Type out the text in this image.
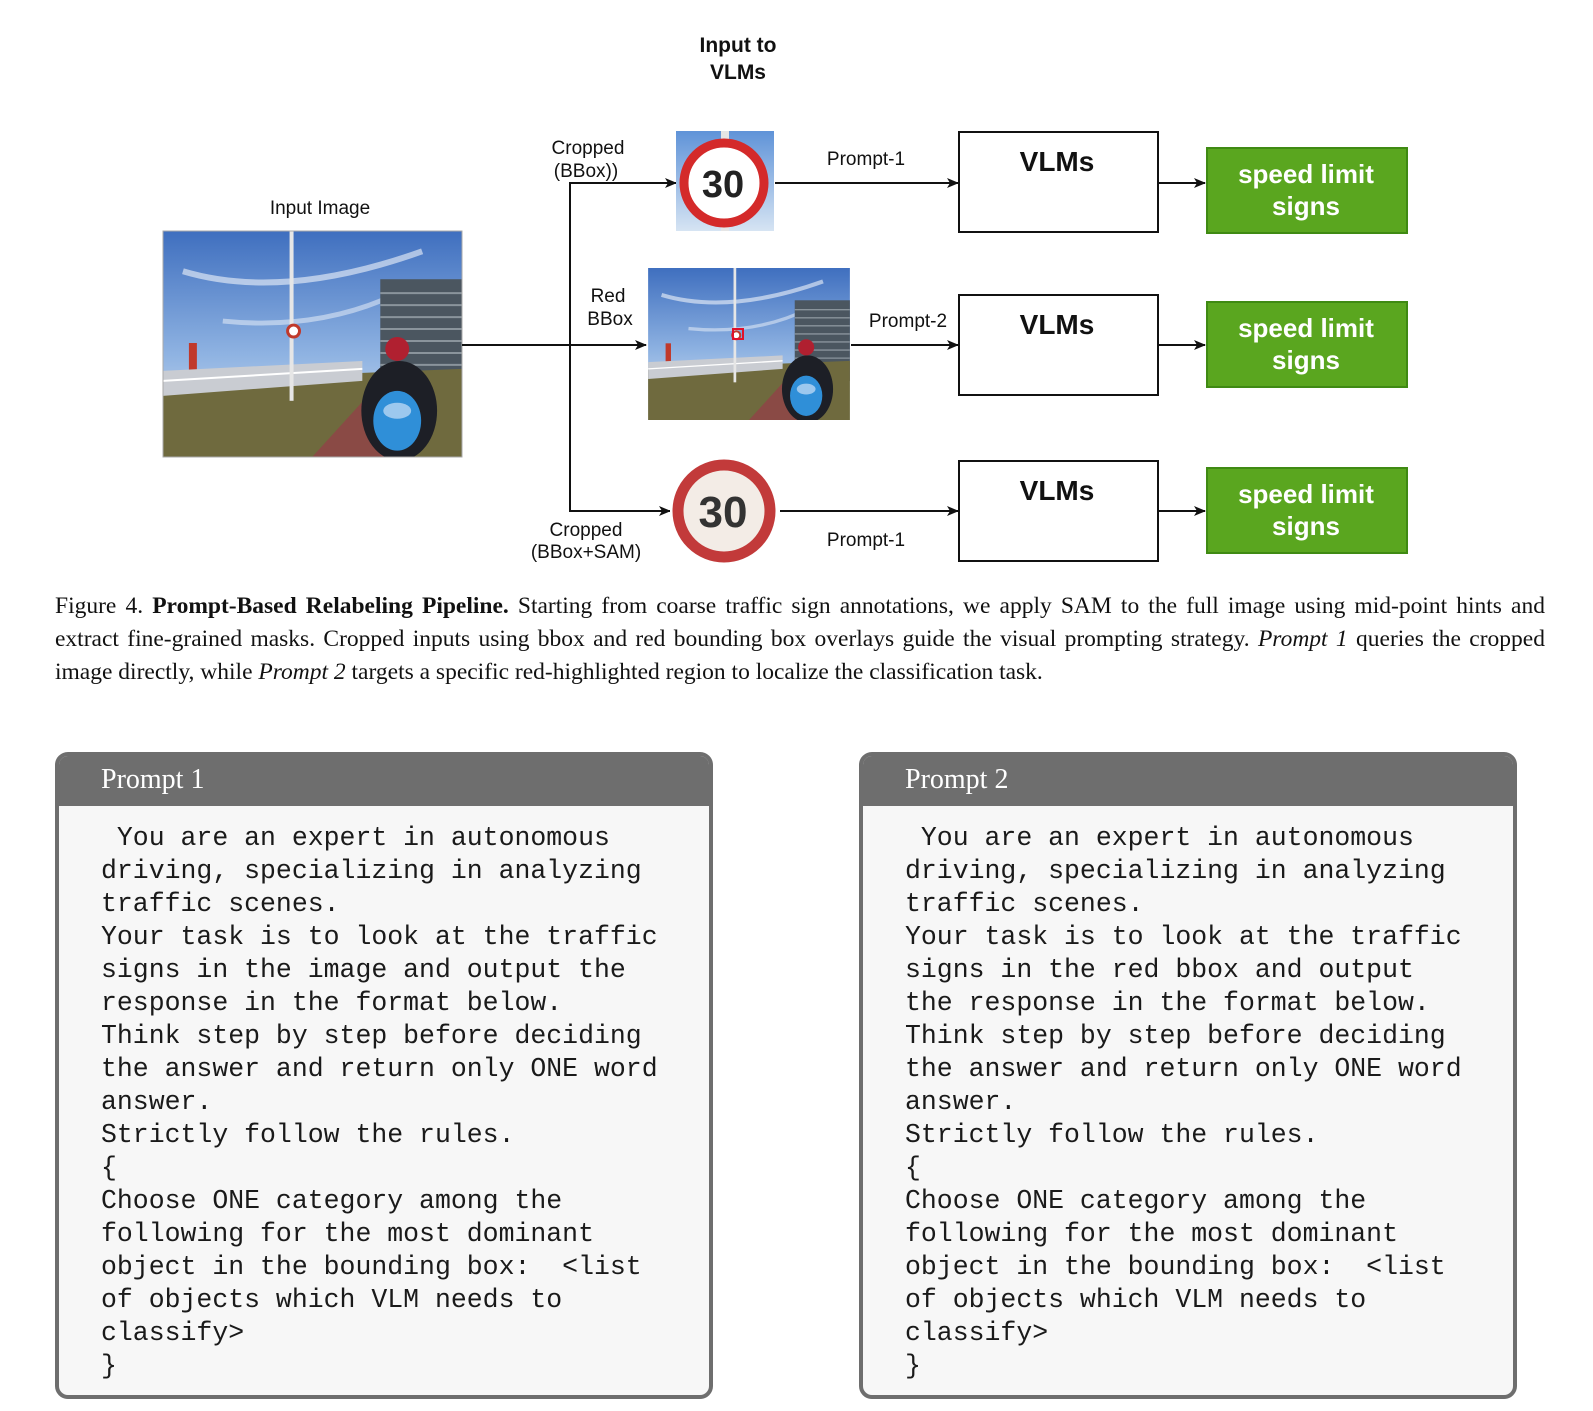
Input to
VLMs
Input Image
Cropped
(BBox))
Red
BBox
Cropped
(BBox+SAM)
30
30
Prompt-1
Prompt-2
Prompt-1
VLMs
VLMs
VLMs
speed limit
signs
speed limit
signs
speed limit
signs
Figure 4. Prompt-Based Relabeling Pipeline. Starting from coarse traffic sign annotations, we apply SAM to the full image using mid-point hints and extract fine-grained masks. Cropped inputs using bbox and red bounding box overlays guide the visual prompting strategy. Prompt 1 queries the cropped image directly, while Prompt 2 targets a specific red-highlighted region to localize the classification task.
Prompt 1
You are an expert in autonomous
driving, specializing in analyzing
traffic scenes.
Your task is to look at the traffic
signs in the image and output the
response in the format below.
Think step by step before deciding
the answer and return only ONE word
answer.
Strictly follow the rules.
{
Choose ONE category among the
following for the most dominant
object in the bounding box:  <list
of objects which VLM needs to
classify>
}
Prompt 2
You are an expert in autonomous
driving, specializing in analyzing
traffic scenes.
Your task is to look at the traffic
signs in the red bbox and output
the response in the format below.
Think step by step before deciding
the answer and return only ONE word
answer.
Strictly follow the rules.
{
Choose ONE category among the
following for the most dominant
object in the bounding box:  <list
of objects which VLM needs to
classify>
}
